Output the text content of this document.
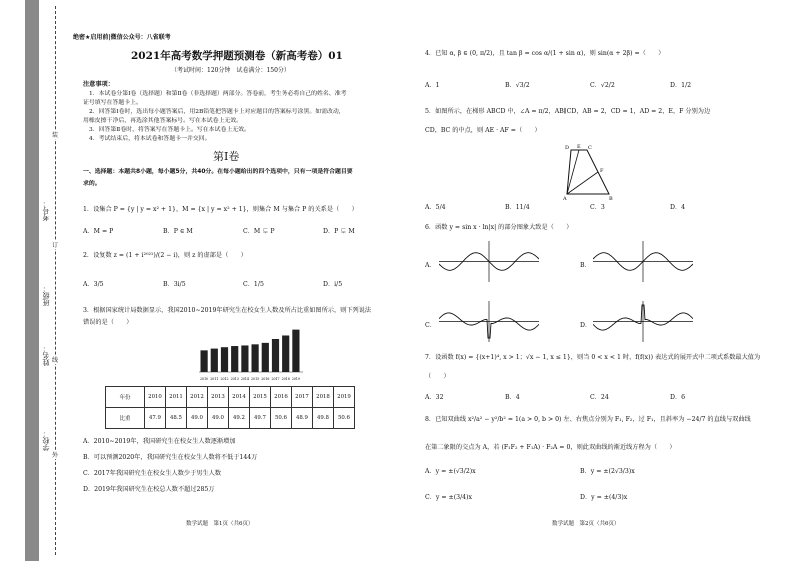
学校：
姓名：
班级：
考号：
装
订
线
外
绝密★启用前|微信公众号：八省联考
2021年高考数学押题预测卷（新高考卷）01
（考试时间：120分钟　试卷满分：150分）
注意事项：
1．本试卷分第Ⅰ卷（选择题）和第Ⅱ卷（非选择题）两部分。答卷前，考生务必将自己的姓名、准考
证号填写在答题卡上。
2．回答第Ⅰ卷时，选出每小题答案后，用2B铅笔把答题卡上对应题目的答案标号涂黑。如需改动，
用橡皮擦干净后，再选涂其他答案标号。写在本试卷上无效。
3．回答第Ⅱ卷时，将答案写在答题卡上。写在本试卷上无效。
4．考试结束后，将本试卷和答题卡一并交回。
第Ⅰ卷
一、选择题：本题共8小题，每小题5分，共40分。在每小题给出的四个选项中，只有一项是符合题目要
求的。
1．设集合 P = {y | y = x² + 1}，M = {x | y = x² + 1}，则集合 M 与集合 P 的关系是（　　）
A．M = P	B．P ∈ M	C．M ⊊ P	D．P ⊊ M
2．设复数 z = (1 + i²⁰²¹)/(2 − i)，则 z 的虚部是（　　）
A．3/5	B．3i/5	C．1/5	D．i/5
3．根据国家统计局数据显示，我国2010~2019年研究生在校女生人数及所占比重如图所示，则下列说法
错误的是（　　）
2010 2011 2012 2013 2014 2015 2016 2017 2018 2019
年份	2010	2011	2012	2013	2014	2015	2016	2017	2018	2019
比重	47.9	48.5	49.0	49.0	49.2	49.7	50.6	48.9	49.8	50.6
A．2010~2019年，我国研究生在校女生人数逐渐增加
B．可以预测2020年，我国研究生在校女生人数将不低于144万
C．2017年我国研究生在校女生人数少于男生人数
D．2019年我国研究生在校总人数不超过285万
数学试题　第1页（共6页）
4．已知 α, β ∈ (0, π/2)，且 tan β = cos α/(1 + sin α)，则 sin(α + 2β) =（　　）
A．1	B．√3/2	C．√2/2	D．1/2
5．如图所示，在梯形 ABCD 中，∠A = π/2，AB∥CD，AB = 2，CD = 1，AD = 2，E，F 分别为边
CD，BC 的中点，则 AE · AF =（　　）
D E C
F
A	B
A．5/4	B．11/4	C．3	D．4
6．函数 y = sin x · ln|x| 的部分图象大致是（　　）
A．	B．
C．	D．
7．设函数 f(x) = {(x+1)⁴, x > 1；√x − 1, x ≤ 1}，则当 0 < x < 1 时，f(f(x)) 表达式的展开式中二项式系数最大值为
（　　）
A．32	B．4	C．24	D．6
8．已知双曲线 x²/a² − y²/b² = 1(a > 0, b > 0) 左、右焦点分别为 F₁, F₂，过 F₁，且斜率为 −24/7 的直线与双曲线
在第二象限的交点为 A，若 (F₁F₂ + F₁A) · F₂A = 0，则此双曲线的渐近线方程为（　　）
A．y = ±(√3/2)x	B．y = ±(2√3/3)x
C．y = ±(3/4)x	D．y = ±(4/3)x
数学试题　第2页（共6页）
